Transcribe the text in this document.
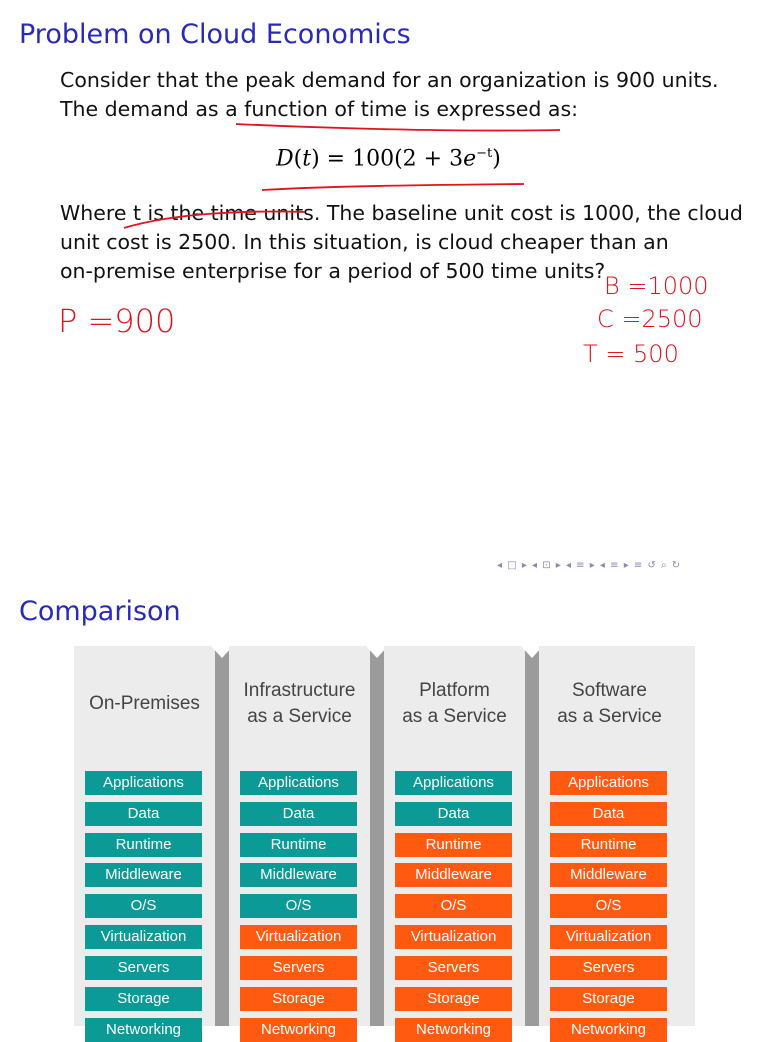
Problem on Cloud Economics
Consider that the peak demand for an organization is 900 units.
The demand as a function of time is expressed as:
$D(t) = 100(2 + 3e^{-t})$
Where t is the time units. The baseline unit cost is 1000, the cloud
unit cost is 2500. In this situation, is cloud cheaper than an
on-premise enterprise for a period of 500 time units?
P =900
B =1000
C =2500
T = 500
◂ □ ▸ ◂ ⊡ ▸ ◂ ≡ ▸ ◂ ≡ ▸ ≡ ↺ ⌕ ↻
Comparison
On-Premises
Applications
Data
Runtime
Middleware
O/S
Virtualization
Servers
Storage
Networking
Infrastructure
as a Service
Applications
Data
Runtime
Middleware
O/S
Virtualization
Servers
Storage
Networking
Platform
as a Service
Applications
Data
Runtime
Middleware
O/S
Virtualization
Servers
Storage
Networking
Software
as a Service
Applications
Data
Runtime
Middleware
O/S
Virtualization
Servers
Storage
Networking
